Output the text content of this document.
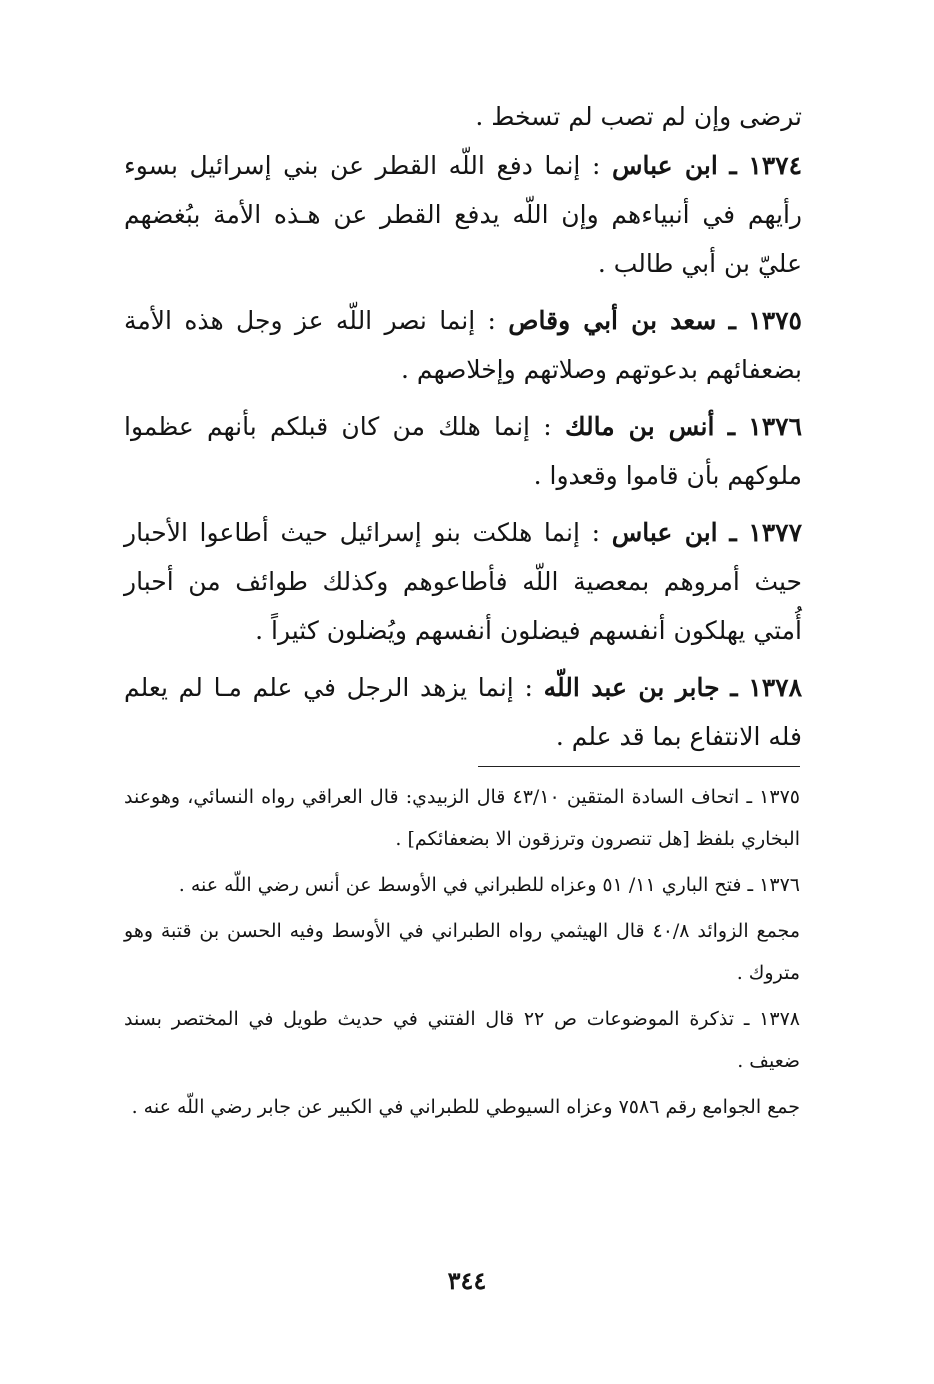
ترضى وإن لم تصب لم تسخط .

١٣٧٤ ـ ابن عباس : إنما دفع اللّه القطر عن بني إسرائيل بسوء رأيهم في أنبياءهم وإن اللّه يدفع القطر عن هـذه الأمة ببُغضهم عليّ بن أبي طالب .

١٣٧٥ ـ سعد بن أبي وقاص : إنما نصر اللّه عز وجل هذه الأمة بضعفائهم بدعوتهم وصلاتهم وإخلاصهم .

١٣٧٦ ـ أنس بن مالك : إنما هلك من كان قبلكم بأنهم عظموا ملوكهم بأن قاموا وقعدوا .

١٣٧٧ ـ ابن عباس : إنما هلكت بنو إسرائيل حيث أطاعوا الأحبار حيث أمروهم بمعصية اللّه فأطاعوهم وكذلك طوائف من أحبار أُمتي يهلكون أنفسهم فيضلون أنفسهم ويُضلون كثيراً .

١٣٧٨ ـ جابر بن عبد اللّه : إنما يزهد الرجل في علم مـا لم يعلم فله الانتفاع بما قد علم .

١٣٧٥ ـ اتحاف السادة المتقين ٤٣/١٠ قال الزبيدي: قال العراقي رواه النسائي، وهوعند البخاري بلفظ [هل تنصرون وترزقون الا بضعفائكم] .

١٣٧٦ ـ فتح الباري ١١/ ٥١ وعزاه للطبراني في الأوسط عن أنس رضي اللّه عنه .

مجمع الزوائد ٤٠/٨ قال الهيثمي رواه الطبراني في الأوسط وفيه الحسن بن قتبة وهو متروك .

١٣٧٨ ـ تذكرة الموضوعات ص ٢٢ قال الفتني في حديث طويل في المختصر بسند ضعيف .

جمع الجوامع رقم ٧٥٨٦ وعزاه السيوطي للطبراني في الكبير عن جابر رضي اللّه عنه .

٣٤٤
